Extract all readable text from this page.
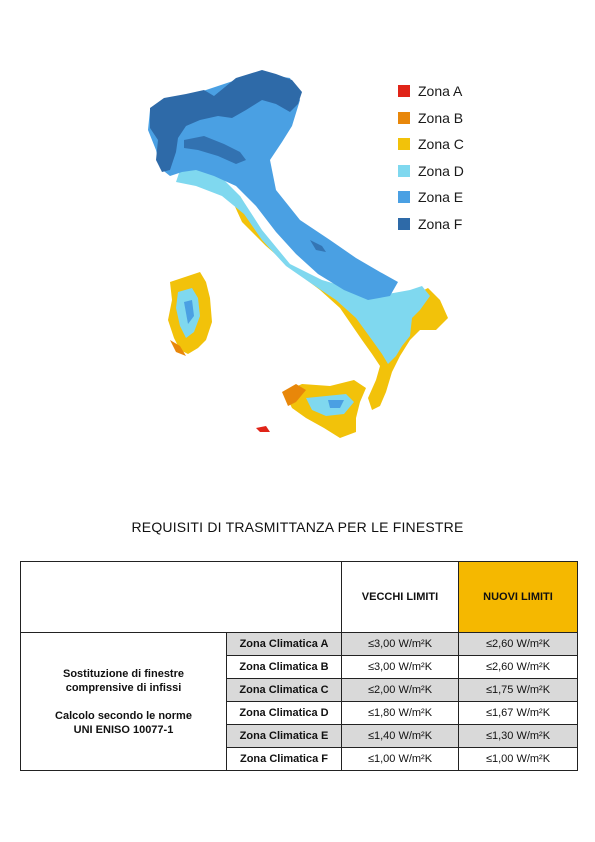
Zona A
Zona B
Zona C
Zona D
Zona E
Zona F
REQUISITI DI TRASMITTANZA PER LE FINESTRE
		VECCHI LIMITI	NUOVI LIMITI

Sostituzione di finestre
comprensive di infissi
Calcolo secondo le norme
UNI ENISO 10077-1	Zona Climatica A	≤3,00 W/m²K	≤2,60 W/m²K
	Zona Climatica B	≤3,00 W/m²K	≤2,60 W/m²K
	Zona Climatica C	≤2,00 W/m²K	≤1,75 W/m²K
	Zona Climatica D	≤1,80 W/m²K	≤1,67 W/m²K
	Zona Climatica E	≤1,40 W/m²K	≤1,30 W/m²K
	Zona Climatica F	≤1,00 W/m²K	≤1,00 W/m²K
